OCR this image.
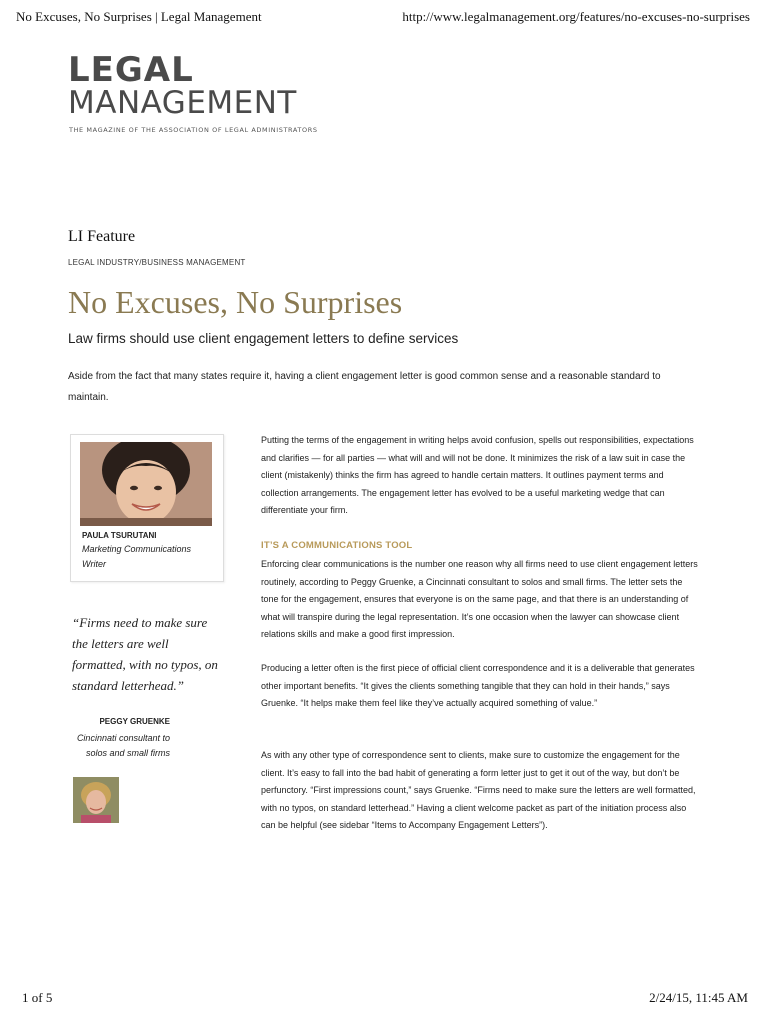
No Excuses, No Surprises | Legal Management	http://www.legalmanagement.org/features/no-excuses-no-surprises
LEGAL
MANAGEMENT
THE MAGAZINE OF THE ASSOCIATION OF LEGAL ADMINISTRATORS
LI Feature
LEGAL INDUSTRY/BUSINESS MANAGEMENT
No Excuses, No Surprises
Law firms should use client engagement letters to define services
Aside from the fact that many states require it, having a client engagement letter is good common sense and a reasonable standard to maintain.
PAULA TSURUTANI
Marketing Communications Writer
“Firms need to make sure the letters are well formatted, with no typos, on standard letterhead.”
PEGGY GRUENKE
Cincinnati consultant to solos and small firms
Putting the terms of the engagement in writing helps avoid confusion, spells out responsibilities, expectations and clarifies — for all parties — what will and will not be done. It minimizes the risk of a law suit in case the client (mistakenly) thinks the firm has agreed to handle certain matters. It outlines payment terms and collection arrangements. The engagement letter has evolved to be a useful marketing wedge that can differentiate your firm.
IT’S A COMMUNICATIONS TOOL
Enforcing clear communications is the number one reason why all firms need to use client engagement letters routinely, according to Peggy Gruenke, a Cincinnati consultant to solos and small firms. The letter sets the tone for the engagement, ensures that everyone is on the same page, and that there is an understanding of what will transpire during the legal representation. It’s one occasion when the lawyer can showcase client relations skills and make a good first impression.
Producing a letter often is the first piece of official client correspondence and it is a deliverable that generates other important benefits. “It gives the clients something tangible that they can hold in their hands,” says Gruenke. “It helps make them feel like they’ve actually acquired something of value.”
As with any other type of correspondence sent to clients, make sure to customize the engagement for the client. It’s easy to fall into the bad habit of generating a form letter just to get it out of the way, but don’t be perfunctory. “First impressions count,” says Gruenke. “Firms need to make sure the letters are well formatted, with no typos, on standard letterhead.” Having a client welcome packet as part of the initiation process also can be helpful (see sidebar “Items to Accompany Engagement Letters”).
1 of 5	2/24/15, 11:45 AM
